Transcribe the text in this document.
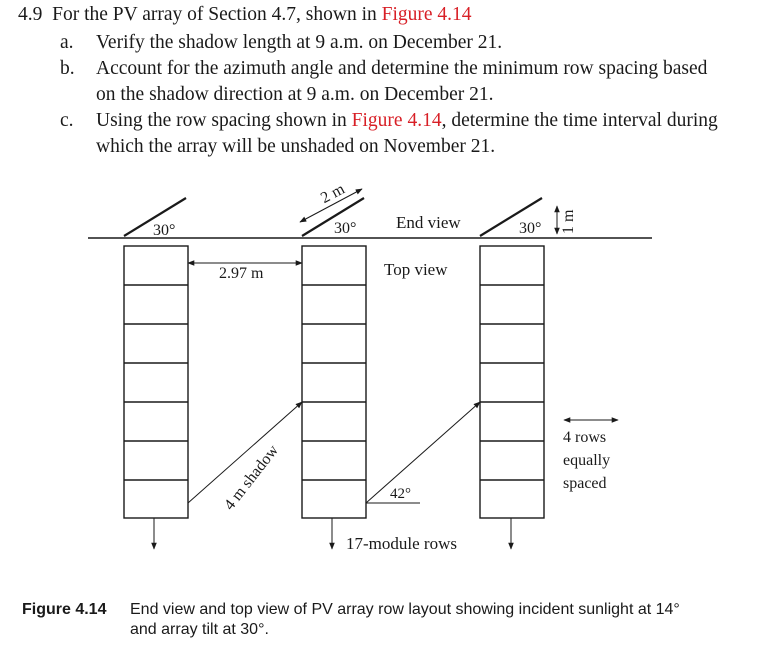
4.9 For the PV array of Section 4.7, shown in Figure 4.14
a. Verify the shadow length at 9 a.m. on December 21.
b. Account for the azimuth angle and determine the minimum row spacing based
on the shadow direction at 9 a.m. on December 21.
c. Using the row spacing shown in Figure 4.14, determine the time interval during
which the array will be unshaded on November 21.
30°	30°	30°
2 m
1 m
End view
Top view
2.97 m
4 m shadow	42°
4 rows
equally
spaced
17-module rows
Figure 4.14 End view and top view of PV array row layout showing incident sunlight at 14°
and array tilt at 30°.
